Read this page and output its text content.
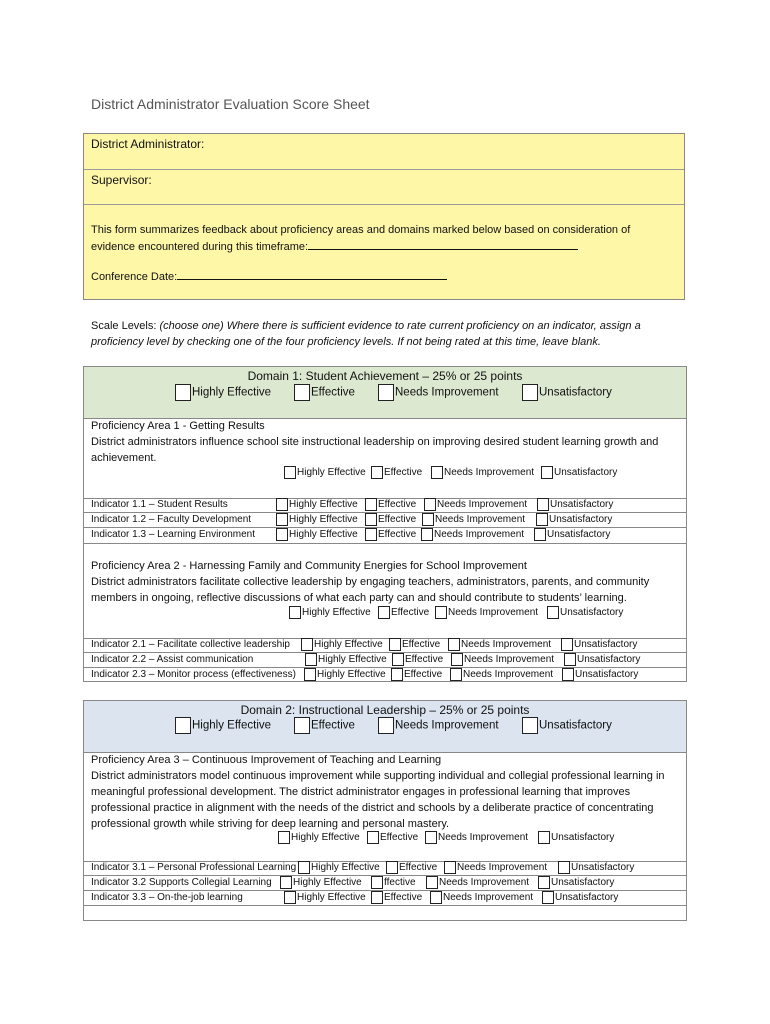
District Administrator Evaluation Score Sheet
District Administrator:
Supervisor:
This form summarizes feedback about proficiency areas and domains marked below based on consideration of
evidence encountered during this timeframe:
Conference Date:
Scale Levels: (choose one) Where there is sufficient evidence to rate current proficiency on an indicator, assign a proficiency level by checking one of the four proficiency levels. If not being rated at this time, leave blank.
Domain 1: Student Achievement – 25% or 25 points
Highly Effective	Effective	Needs Improvement	Unsatisfactory
Proficiency Area 1 - Getting Results
District administrators influence school site instructional leadership on improving desired student learning growth and achievement.
Highly Effective	Effective	Needs Improvement	Unsatisfactory
Indicator 1.1 – Student Results	Highly Effective	Effective	Needs Improvement	Unsatisfactory
Indicator 1.2 – Faculty Development	Highly Effective	Effective	Needs Improvement	Unsatisfactory
Indicator 1.3 – Learning Environment	Highly Effective	Effective	Needs Improvement	Unsatisfactory
Proficiency Area 2 - Harnessing Family and Community Energies for School Improvement
District administrators facilitate collective leadership by engaging teachers, administrators, parents, and community members in ongoing, reflective discussions of what each party can and should contribute to students’ learning.
Highly Effective	Effective	Needs Improvement	Unsatisfactory
Indicator 2.1 – Facilitate collective leadership	Highly Effective	Effective	Needs Improvement	Unsatisfactory
Indicator 2.2 – Assist communication	Highly Effective	Effective	Needs Improvement	Unsatisfactory
Indicator 2.3 – Monitor process (effectiveness)	Highly Effective	Effective	Needs Improvement	Unsatisfactory
Domain 2: Instructional Leadership – 25% or 25 points
Highly Effective	Effective	Needs Improvement	Unsatisfactory
Proficiency Area 3 – Continuous Improvement of Teaching and Learning
District administrators model continuous improvement while supporting individual and collegial professional learning in meaningful professional development. The district administrator engages in professional learning that improves professional practice in alignment with the needs of the district and schools by a deliberate practice of concentrating professional growth while striving for deep learning and personal mastery.
Highly Effective	Effective	Needs Improvement	Unsatisfactory
Indicator 3.1 – Personal Professional Learning	Highly Effective	Effective	Needs Improvement	Unsatisfactory
Indicator 3.2 Supports Collegial Learning	Highly Effective	ffective	Needs Improvement	Unsatisfactory
Indicator 3.3 – On-the-job learning	Highly Effective	Effective	Needs Improvement	Unsatisfactory
